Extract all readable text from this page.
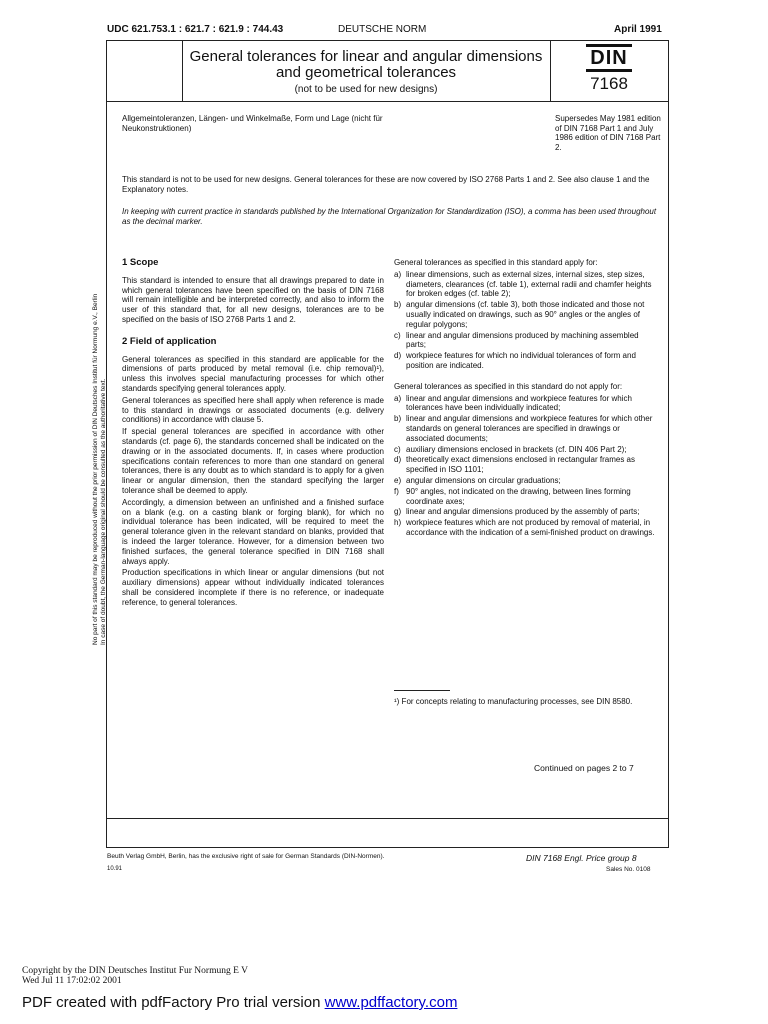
UDC 621.753.1 : 621.7 : 621.9 : 744.43	DEUTSCHE NORM	April 1991
General tolerances for linear and angular dimensions and geometrical tolerances
(not to be used for new designs)
DIN
7168
Allgemeintoleranzen, Längen- und Winkelmaße, Form und Lage (nicht für Neukonstruktionen)
Supersedes May 1981 edition of DIN 7168 Part 1 and July 1986 edition of DIN 7168 Part 2.
This standard is not to be used for new designs. General tolerances for these are now covered by ISO 2768 Parts 1 and 2. See also clause 1 and the Explanatory notes.
In keeping with current practice in standards published by the International Organization for Standardization (ISO), a comma has been used throughout as the decimal marker.
No part of this standard may be reproduced without the prior permission of DIN Deutsches Institut für Normung e.V., Berlin In case of doubt, the German-language original should be consulted as the authoritative text.
1 Scope

This standard is intended to ensure that all drawings prepared to date in which general tolerances have been specified on the basis of DIN 7168 will remain intelligible and be interpreted correctly, and also to inform the user of this standard that, for all new designs, tolerances are to be specified on the basis of ISO 2768 Parts 1 and 2.

2 Field of application

General tolerances as specified in this standard are applicable for the dimensions of parts produced by metal removal (i.e. chip removal)¹), unless this involves special manufacturing processes for which other standards specifying general tolerances apply.

General tolerances as specified here shall apply when reference is made to this standard in drawings or associated documents (e.g. delivery conditions) in accordance with clause 5.

If special general tolerances are specified in accordance with other standards (cf. page 6), the standards concerned shall be indicated on the drawing or in the associated documents. If, in cases where production specifications contain references to more than one standard on general tolerances, there is any doubt as to which standard is to apply for a given linear or angular dimension, then the standard specifying the larger tolerance shall be deemed to apply.

Accordingly, a dimension between an unfinished and a finished surface on a blank (e.g. on a casting blank or forging blank), for which no individual tolerance has been indicated, will be required to meet the general tolerance given in the relevant standard on blanks, provided that is indeed the larger tolerance. However, for a dimension between two finished surfaces, the general tolerance specified in DIN 7168 shall always apply.

Production specifications in which linear or angular dimensions (but not auxiliary dimensions) appear without individually indicated tolerances shall be considered incomplete if there is no reference, or inadequate reference, to general tolerances.

General tolerances as specified in this standard apply for:

a) linear dimensions, such as external sizes, internal sizes, step sizes, diameters, clearances (cf. table 1), external radii and chamfer heights for broken edges (cf. table 2);
b) angular dimensions (cf. table 3), both those indicated and those not usually indicated on drawings, such as 90° angles or the angles of regular polygons;
c) linear and angular dimensions produced by machining assembled parts;
d) workpiece features for which no individual tolerances of form and position are indicated.

General tolerances as specified in this standard do not apply for:

a) linear and angular dimensions and workpiece features for which tolerances have been individually indicated;
b) linear and angular dimensions and workpiece features for which other standards on general tolerances are specified in drawings or associated documents;
c) auxiliary dimensions enclosed in brackets (cf. DIN 406 Part 2);
d) theoretically exact dimensions enclosed in rectangular frames as specified in ISO 1101;
e) angular dimensions on circular graduations;
f) 90° angles, not indicated on the drawing, between lines forming coordinate axes;
g) linear and angular dimensions produced by the assembly of parts;
h) workpiece features which are not produced by removal of material, in accordance with the indication of a semi-finished product on drawings.
¹) For concepts relating to manufacturing processes, see DIN 8580.
Continued on pages 2 to 7
Beuth Verlag GmbH, Berlin, has the exclusive right of sale for German Standards (DIN-Normen).	DIN 7168 Engl. Price group 8
10.91	Sales No. 0108
Copyright by the DIN Deutsches Institut Fur Normung E V
Wed Jul 11 17:02:02 2001
PDF created with pdfFactory Pro trial version www.pdffactory.com
